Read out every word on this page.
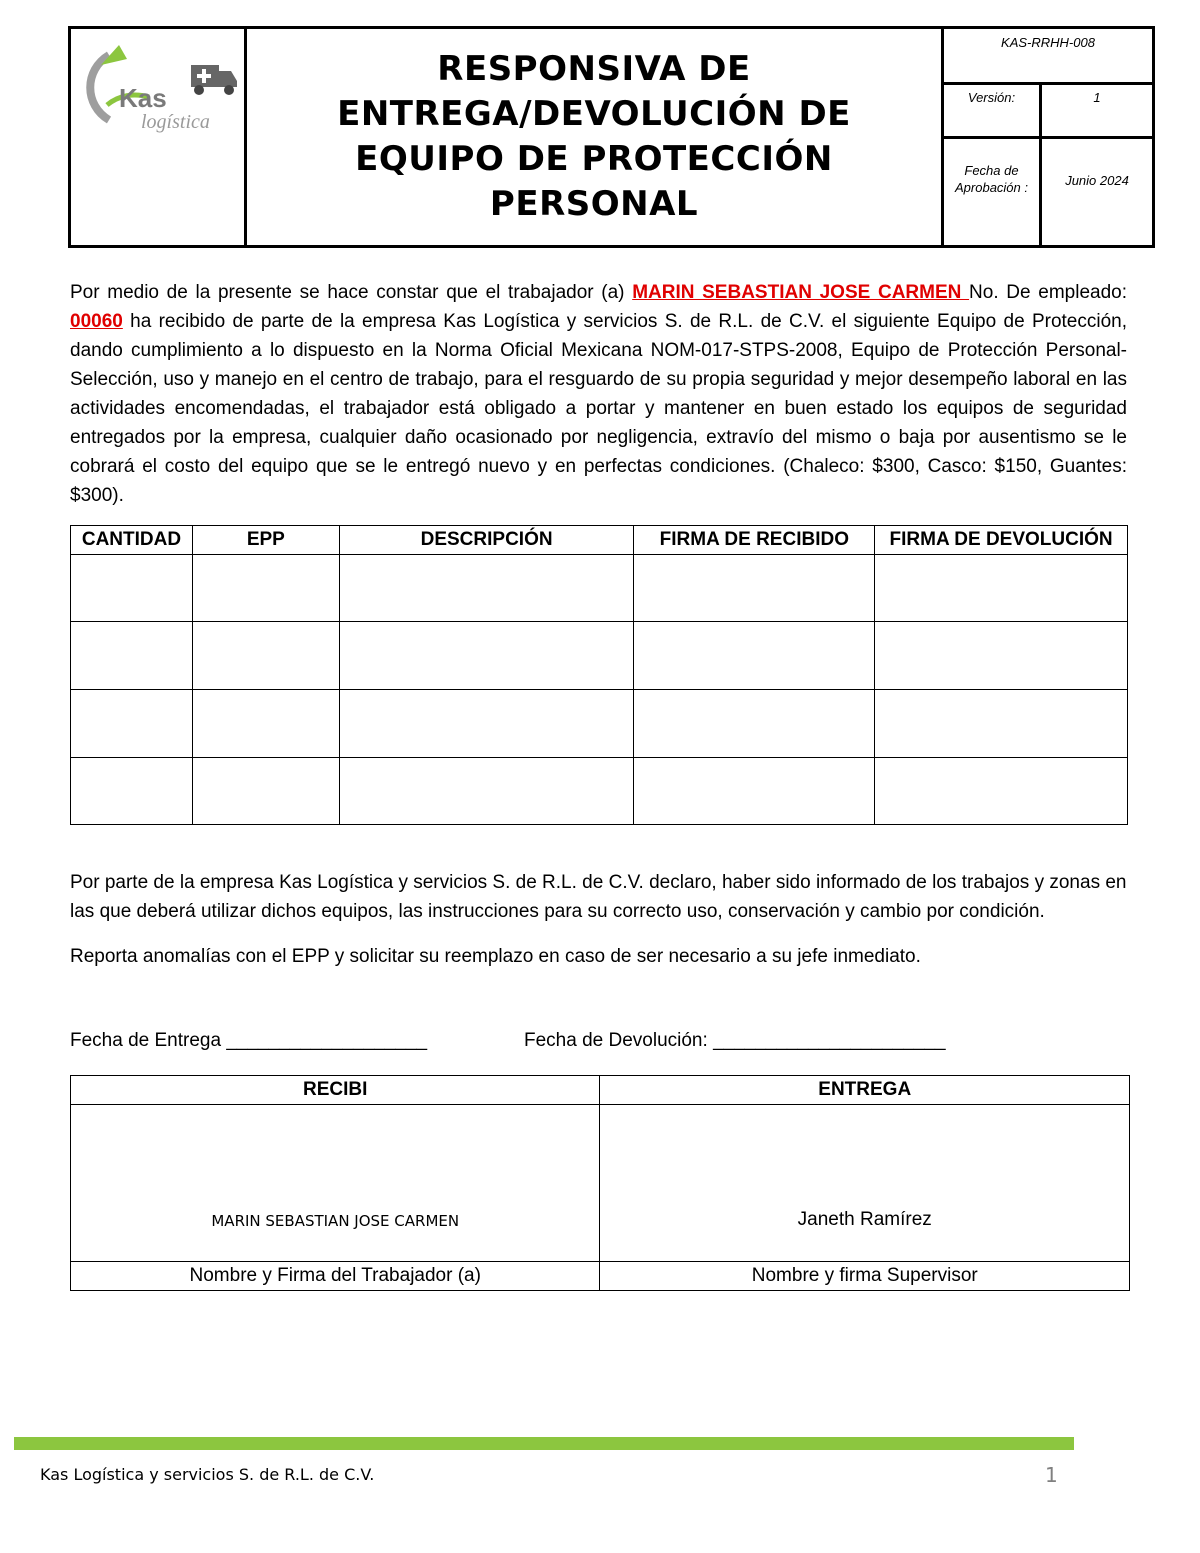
Kas
logística
RESPONSIVA DE ENTREGA/DEVOLUCIÓN DE EQUIPO DE PROTECCIÓN PERSONAL
KAS-RRHH-008
Versión:	1
Fecha de Aprobación :	Junio 2024
Por medio de la presente se hace constar que el trabajador (a) MARIN SEBASTIAN JOSE CARMEN No. De empleado: 00060 ha recibido de parte de la empresa Kas Logística y servicios S. de R.L. de C.V. el siguiente Equipo de Protección, dando cumplimiento a lo dispuesto en la Norma Oficial Mexicana NOM-017-STPS-2008, Equipo de Protección Personal-Selección, uso y manejo en el centro de trabajo, para el resguardo de su propia seguridad y mejor desempeño laboral en las actividades encomendadas, el trabajador está obligado a portar y mantener en buen estado los equipos de seguridad entregados por la empresa, cualquier daño ocasionado por negligencia, extravío del mismo o baja por ausentismo se le cobrará el costo del equipo que se le entregó nuevo y en perfectas condiciones. (Chaleco: $300, Casco: $150, Guantes: $300).
CANTIDAD	EPP	DESCRIPCIÓN	FIRMA DE RECIBIDO	FIRMA DE DEVOLUCIÓN

Por parte de la empresa Kas Logística y servicios S. de R.L. de C.V. declaro, haber sido informado de los trabajos y zonas en las que deberá utilizar dichos equipos, las instrucciones para su correcto uso, conservación y cambio por condición.
Reporta anomalías con el EPP y solicitar su reemplazo en caso de ser necesario a su jefe inmediato.
Fecha de Entrega ___________________	Fecha de Devolución: ______________________
RECIBI	ENTREGA
MARIN SEBASTIAN JOSE CARMEN	Janeth Ramírez
Nombre y Firma del Trabajador (a)	Nombre y firma Supervisor
Kas Logística y servicios S. de R.L. de C.V.	1
